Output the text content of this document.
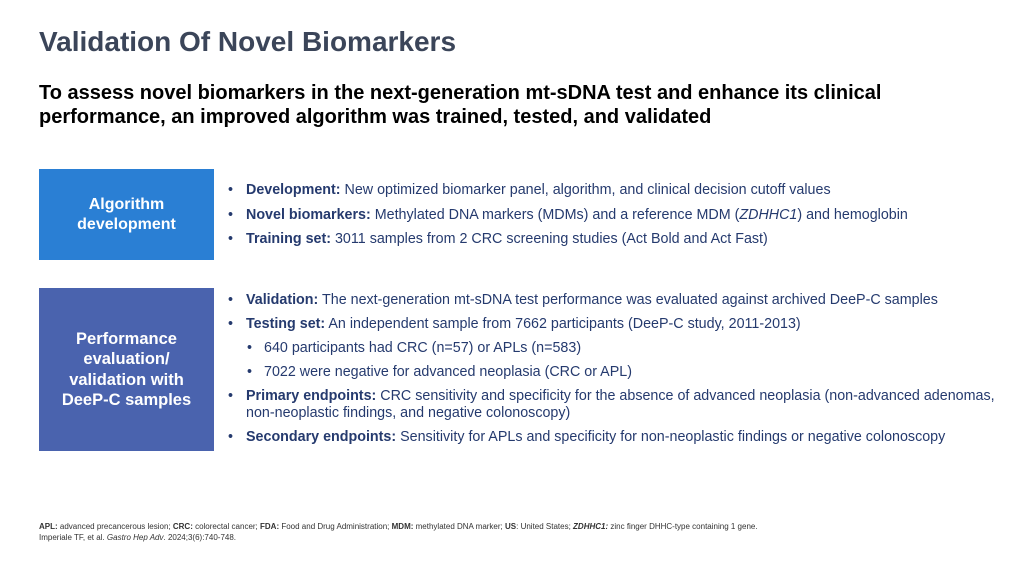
Validation Of Novel Biomarkers
To assess novel biomarkers in the next-generation mt-sDNA test and enhance its clinical performance, an improved algorithm was trained, tested, and validated
Algorithm development
• Development: New optimized biomarker panel, algorithm, and clinical decision cutoff values
• Novel biomarkers: Methylated DNA markers (MDMs) and a reference MDM (ZDHHC1) and hemoglobin
• Training set: 3011 samples from 2 CRC screening studies (Act Bold and Act Fast)
Performance evaluation/ validation with DeeP-C samples
• Validation: The next-generation mt-sDNA test performance was evaluated against archived DeeP-C samples
• Testing set: An independent sample from 7662 participants (DeeP-C study, 2011-2013)
• 640 participants had CRC (n=57) or APLs (n=583)
• 7022 were negative for advanced neoplasia (CRC or APL)
• Primary endpoints: CRC sensitivity and specificity for the absence of advanced neoplasia (non-advanced adenomas, non-neoplastic findings, and negative colonoscopy)
• Secondary endpoints: Sensitivity for APLs and specificity for non-neoplastic findings or negative colonoscopy
APL: advanced precancerous lesion; CRC: colorectal cancer; FDA: Food and Drug Administration; MDM: methylated DNA marker; US: United States; ZDHHC1: zinc finger DHHC-type containing 1 gene.
Imperiale TF, et al. Gastro Hep Adv. 2024;3(6):740-748.
